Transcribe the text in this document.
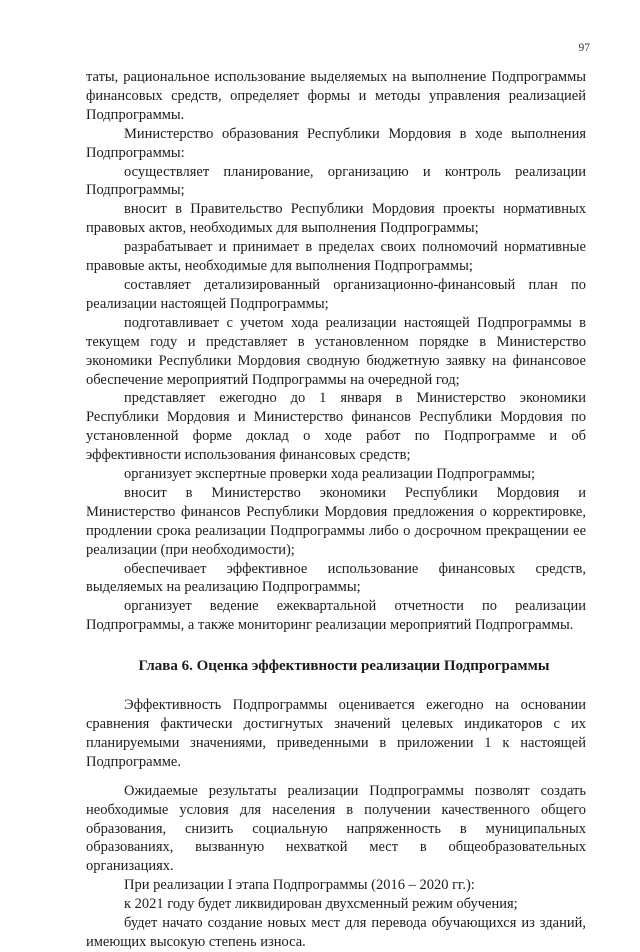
97

таты, рациональное использование выделяемых на выполнение Подпрограммы финансовых средств, определяет формы и методы управления реализацией Подпрограммы.

Министерство образования Республики Мордовия в ходе выполнения Подпрограммы:

осуществляет планирование, организацию и контроль реализации Подпрограммы;

вносит в Правительство Республики Мордовия проекты нормативных правовых актов, необходимых для выполнения Подпрограммы;

разрабатывает и принимает в пределах своих полномочий нормативные правовые акты, необходимые для выполнения Подпрограммы;

составляет детализированный организационно-финансовый план по реализации настоящей Подпрограммы;

подготавливает с учетом хода реализации настоящей Подпрограммы в текущем году и представляет в установленном порядке в Министерство экономики Республики Мордовия сводную бюджетную заявку на финансовое обеспечение мероприятий Подпрограммы на очередной год;

представляет ежегодно до 1 января в Министерство экономики Республики Мордовия и Министерство финансов Республики Мордовия по установленной форме доклад о ходе работ по Подпрограмме и об эффективности использования финансовых средств;

организует экспертные проверки хода реализации Подпрограммы;

вносит в Министерство экономики Республики Мордовия и Министерство финансов Республики Мордовия предложения о корректировке, продлении срока реализации Подпрограммы либо о досрочном прекращении ее реализации (при необходимости);

обеспечивает эффективное использование финансовых средств, выделяемых на реализацию Подпрограммы;

организует ведение ежеквартальной отчетности по реализации Подпрограммы, а также мониторинг реализации мероприятий Подпрограммы.

Глава 6. Оценка эффективности реализации Подпрограммы

Эффективность Подпрограммы оценивается ежегодно на основании сравнения фактически достигнутых значений целевых индикаторов с их планируемыми значениями, приведенными в приложении 1 к настоящей Подпрограмме.

Ожидаемые результаты реализации Подпрограммы позволят создать необходимые условия для населения в получении качественного общего образования, снизить социальную напряженность в муниципальных образованиях, вызванную нехваткой мест в общеобразовательных организациях.

При реализации I этапа Подпрограммы (2016 – 2020 гг.):

к 2021 году будет ликвидирован двухсменный режим обучения;

будет начато создание новых мест для перевода обучающихся из зданий, имеющих высокую степень износа.
